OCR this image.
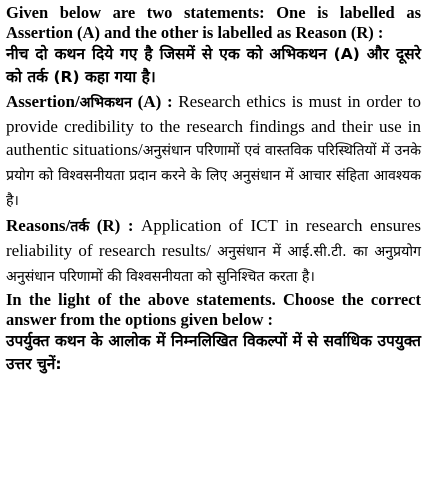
Given below are two statements: One is labelled as Assertion (A) and the other is labelled as Reason (R) :

नीच दो कथन दिये गए है जिसमें से एक को अभिकथन (A) और दूसरे को तर्क (R) कहा गया है।

Assertion/अभिकथन (A) : Research ethics is must in order to provide credibility to the research findings and their use in authentic situations/अनुसंधान परिणामों एवं वास्तविक परिस्थितियों में उनके प्रयोग को विश्वसनीयता प्रदान करने के लिए अनुसंधान में आचार संहिता आवश्यक है।

Reasons/तर्क (R) : Application of ICT in research ensures reliability of research results/ अनुसंधान में आई.सी.टी. का अनुप्रयोग अनुसंधान परिणामों की विश्वसनीयता को सुनिश्चित करता है।

In the light of the above statements. Choose the correct answer from the options given below :

उपर्युक्त कथन के आलोक में निम्नलिखित विकल्पों में से सर्वाधिक उपयुक्त उत्तर चुनें:
